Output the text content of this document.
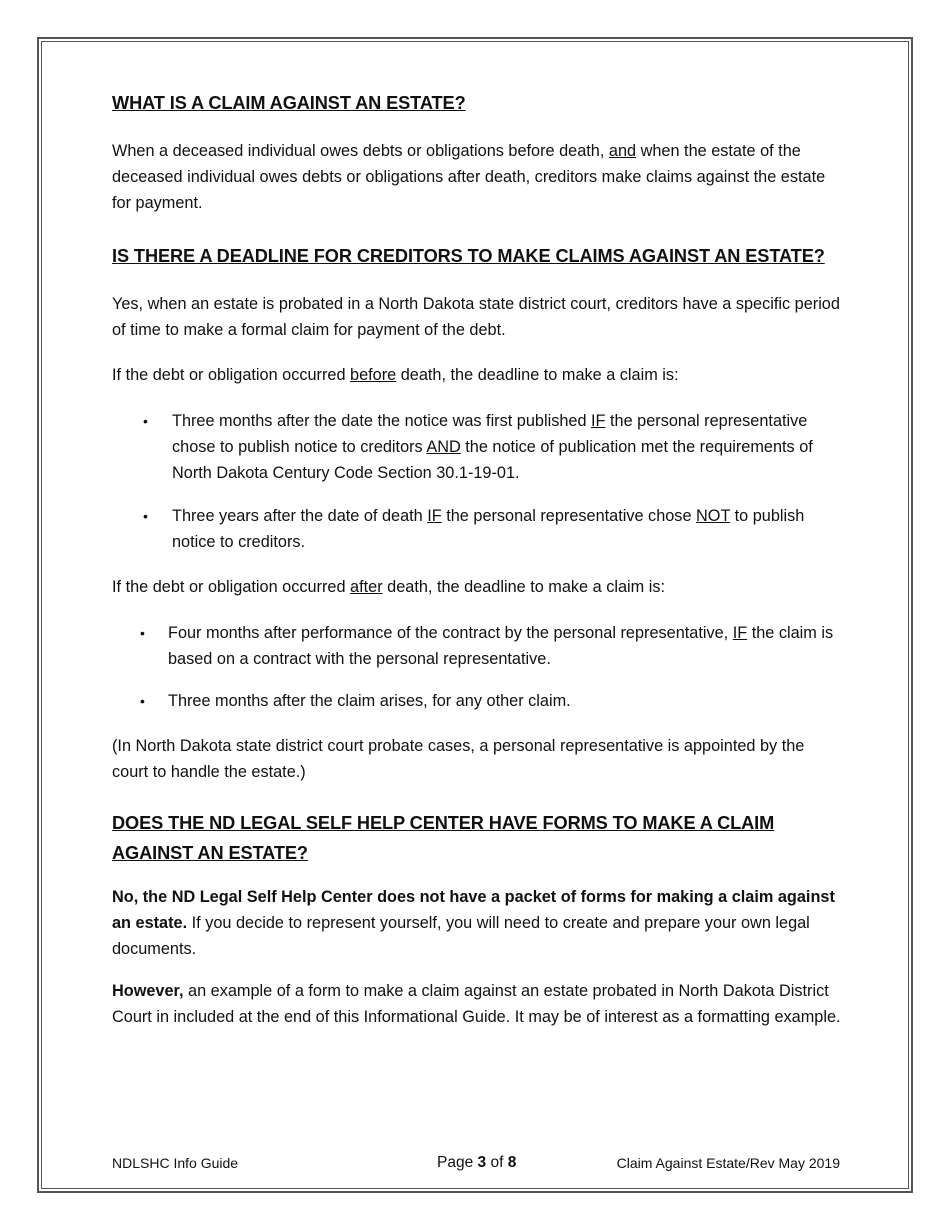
WHAT IS A CLAIM AGAINST AN ESTATE?

When a deceased individual owes debts or obligations before death, and when the estate of the deceased individual owes debts or obligations after death, creditors make claims against the estate for payment.

IS THERE A DEADLINE FOR CREDITORS TO MAKE CLAIMS AGAINST AN ESTATE?

Yes, when an estate is probated in a North Dakota state district court, creditors have a specific period of time to make a formal claim for payment of the debt.

If the debt or obligation occurred before death, the deadline to make a claim is:

• Three months after the date the notice was first published IF the personal representative chose to publish notice to creditors AND the notice of publication met the requirements of North Dakota Century Code Section 30.1-19-01.
• Three years after the date of death IF the personal representative chose NOT to publish notice to creditors.

If the debt or obligation occurred after death, the deadline to make a claim is:

• Four months after performance of the contract by the personal representative, IF the claim is based on a contract with the personal representative.
• Three months after the claim arises, for any other claim.

(In North Dakota state district court probate cases, a personal representative is appointed by the court to handle the estate.)

DOES THE ND LEGAL SELF HELP CENTER HAVE FORMS TO MAKE A CLAIM AGAINST AN ESTATE?

No, the ND Legal Self Help Center does not have a packet of forms for making a claim against an estate. If you decide to represent yourself, you will need to create and prepare your own legal documents.

However, an example of a form to make a claim against an estate probated in North Dakota District Court in included at the end of this Informational Guide. It may be of interest as a formatting example.

NDLSHC Info Guide	Page 3 of 8	Claim Against Estate/Rev May 2019
